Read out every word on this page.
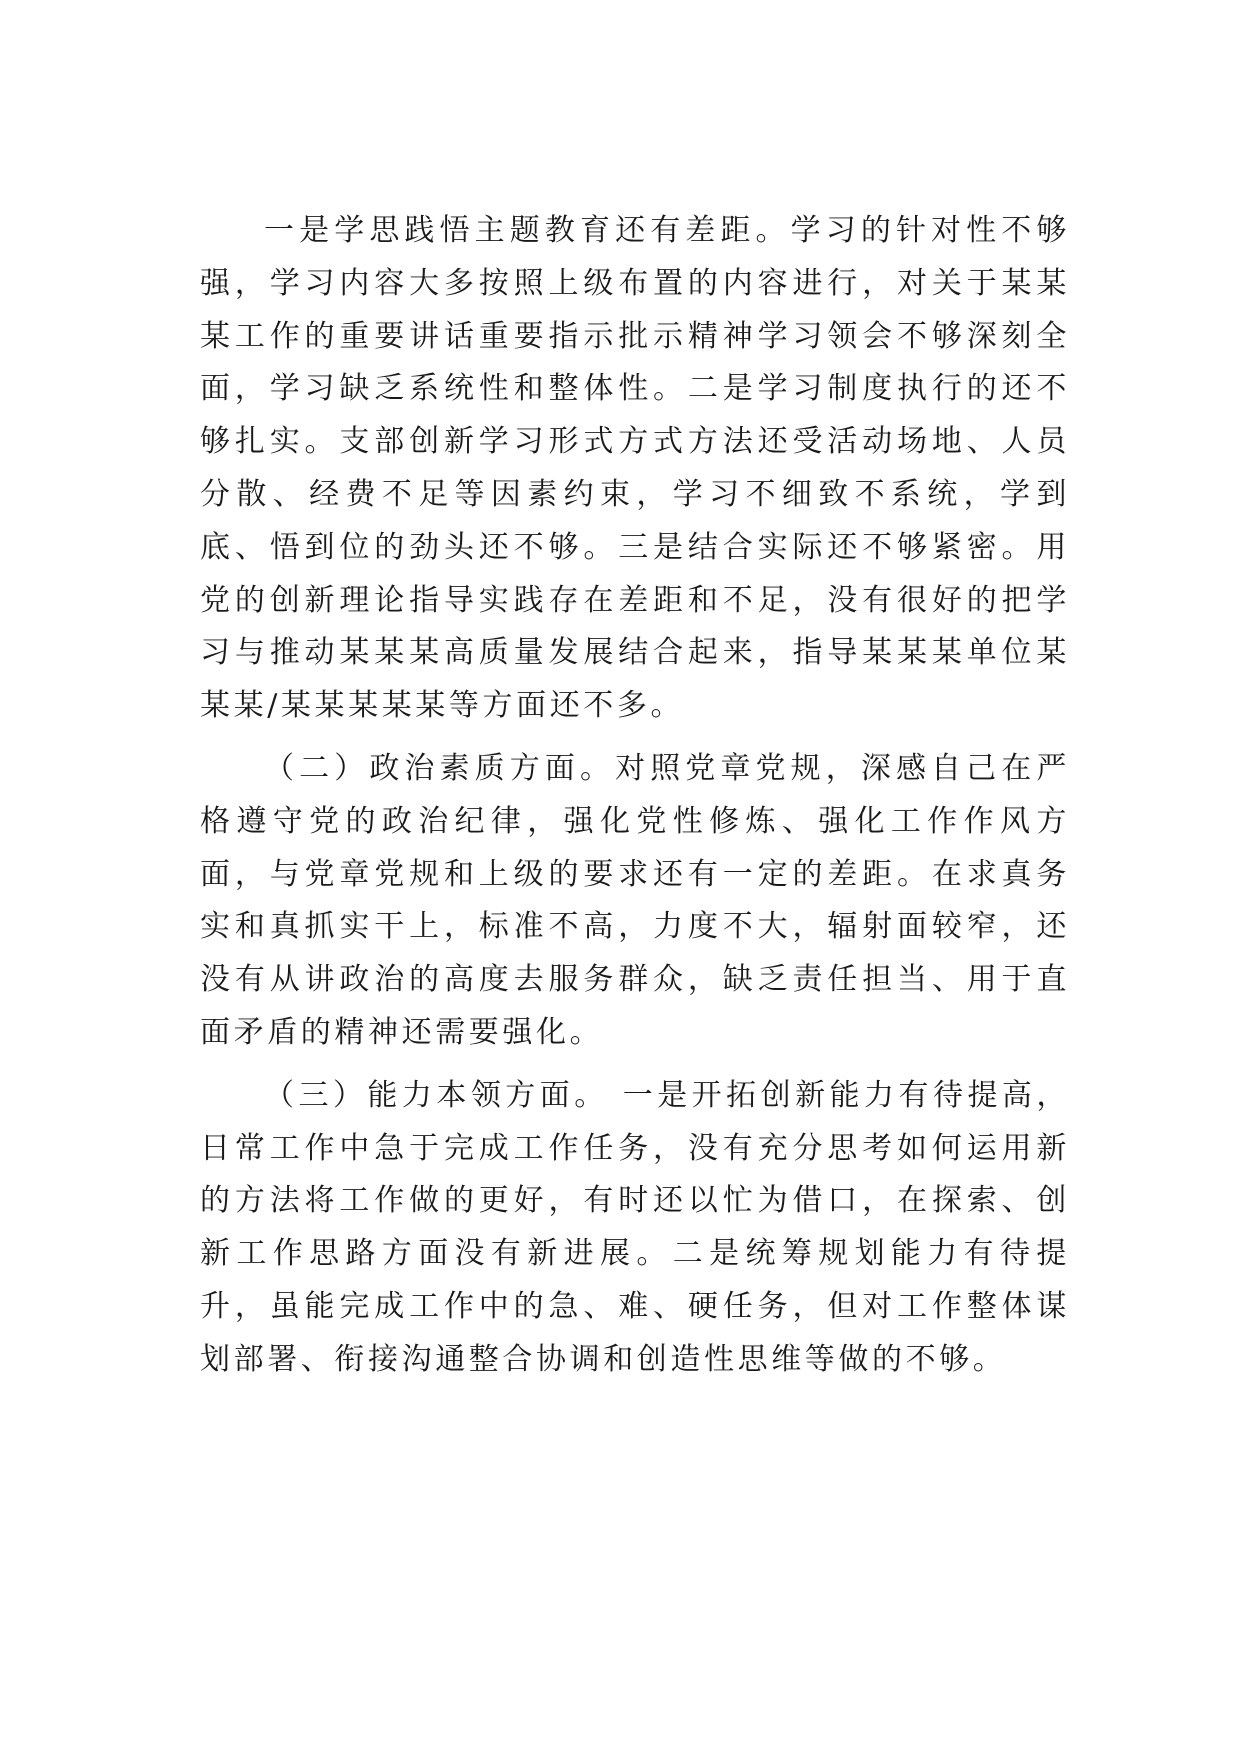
一是学思践悟主题教育还有差距。学习的针对性不够强，学习内容大多按照上级布置的内容进行，对关于某某某工作的重要讲话重要指示批示精神学习领会不够深刻全面，学习缺乏系统性和整体性。二是学习制度执行的还不够扎实。支部创新学习形式方式方法还受活动场地、人员分散、经费不足等因素约束，学习不细致不系统，学到底、悟到位的劲头还不够。三是结合实际还不够紧密。用党的创新理论指导实践存在差距和不足，没有很好的把学习与推动某某某高质量发展结合起来，指导某某某单位某某某/某某某某某等方面还不多。

（二）政治素质方面。对照党章党规，深感自己在严格遵守党的政治纪律，强化党性修炼、强化工作作风方面，与党章党规和上级的要求还有一定的差距。在求真务实和真抓实干上，标准不高，力度不大，辐射面较窄，还没有从讲政治的高度去服务群众，缺乏责任担当、用于直面矛盾的精神还需要强化。

（三）能力本领方面。 一是开拓创新能力有待提高，日常工作中急于完成工作任务，没有充分思考如何运用新的方法将工作做的更好，有时还以忙为借口，在探索、创新工作思路方面没有新进展。二是统筹规划能力有待提升，虽能完成工作中的急、难、硬任务，但对工作整体谋划部署、衔接沟通整合协调和创造性思维等做的不够。
